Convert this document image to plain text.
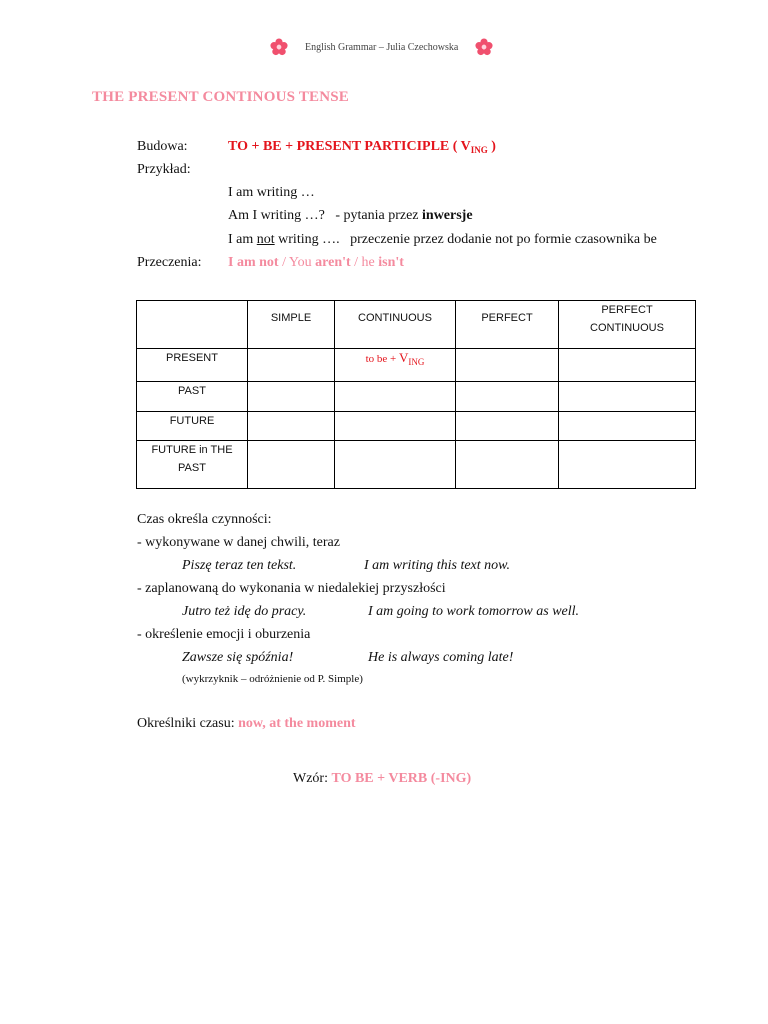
English Grammar – Julia Czechowska
THE PRESENT CONTINOUS TENSE
Budowa:	TO + BE + PRESENT PARTICIPLE ( $V_{ING}$ )
Przykład:
I am writing …
Am I writing …? - pytania przez inwersje
I am not writing …. przeczenie przez dodanie not po formie czasownika be
Przeczenia: I am not / You aren't / he isn't

	SIMPLE	CONTINUOUS	PERFECT	PERFECT CONTINUOUS

PRESENT		to be + $V_{ING}$

PAST				

FUTURE				

FUTURE in THE PAST				

Czas określa czynności:
- wykonywane w danej chwili, teraz
Piszę teraz ten tekst.	I am writing this text now.
- zaplanowaną do wykonania w niedalekiej przyszłości
Jutro też idę do pracy.	I am going to work tomorrow as well.
- określenie emocji i oburzenia
Zawsze się spóźnia!	He is always coming late!
(wykrzyknik – odróżnienie od P. Simple)
Określniki czasu: now, at the moment
Wzór: TO BE + VERB (-ING)
